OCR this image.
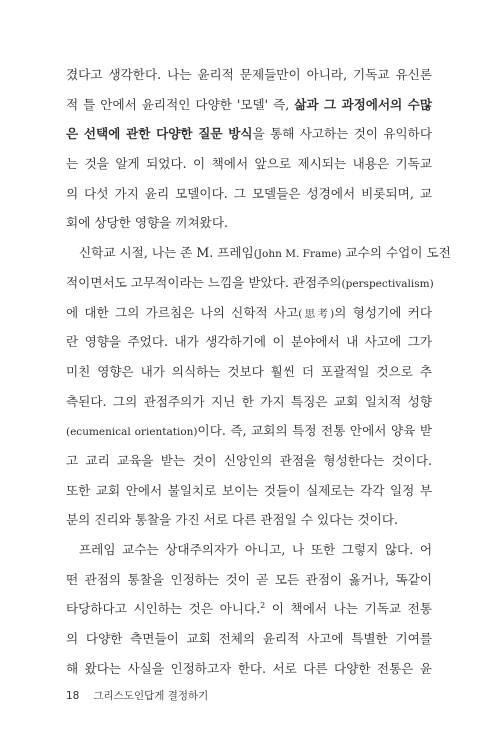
겼다고 생각한다. 나는 윤리적 문제들만이 아니라, 기독교 유신론
적 틀 안에서 윤리적인 다양한 '모델' 즉, 삶과 그 과정에서의 수많
은 선택에 관한 다양한 질문 방식을 통해 사고하는 것이 유익하다
는 것을 알게 되었다. 이 책에서 앞으로 제시되는 내용은 기독교
의 다섯 가지 윤리 모델이다. 그 모델들은 성경에서 비롯되며, 교
회에 상당한 영향을 끼쳐왔다.
신학교 시절, 나는 존 M. 프레임(John M. Frame) 교수의 수업이 도전
적이면서도 고무적이라는 느낌을 받았다. 관점주의(perspectivalism)
에 대한 그의 가르침은 나의 신학적 사고(思考)의 형성기에 커다
란 영향을 주었다. 내가 생각하기에 이 분야에서 내 사고에 그가
미친 영향은 내가 의식하는 것보다 훨씬 더 포괄적일 것으로 추
측된다. 그의 관점주의가 지닌 한 가지 특징은 교회 일치적 성향
(ecumenical orientation)이다. 즉, 교회의 특정 전통 안에서 양육 받
고 교리 교육을 받는 것이 신앙인의 관점을 형성한다는 것이다.
또한 교회 안에서 불일치로 보이는 것들이 실제로는 각각 일정 부
분의 진리와 통찰을 가진 서로 다른 관점일 수 있다는 것이다.
프레임 교수는 상대주의자가 아니고, 나 또한 그렇지 않다. 어
떤 관점의 통찰을 인정하는 것이 곧 모든 관점이 옳거나, 똑같이
타당하다고 시인하는 것은 아니다.$^2$ 이 책에서 나는 기독교 전통
의 다양한 측면들이 교회 전체의 윤리적 사고에 특별한 기여를
해 왔다는 사실을 인정하고자 한다. 서로 다른 다양한 전통은 윤
18 그리스도인답게 결정하기
